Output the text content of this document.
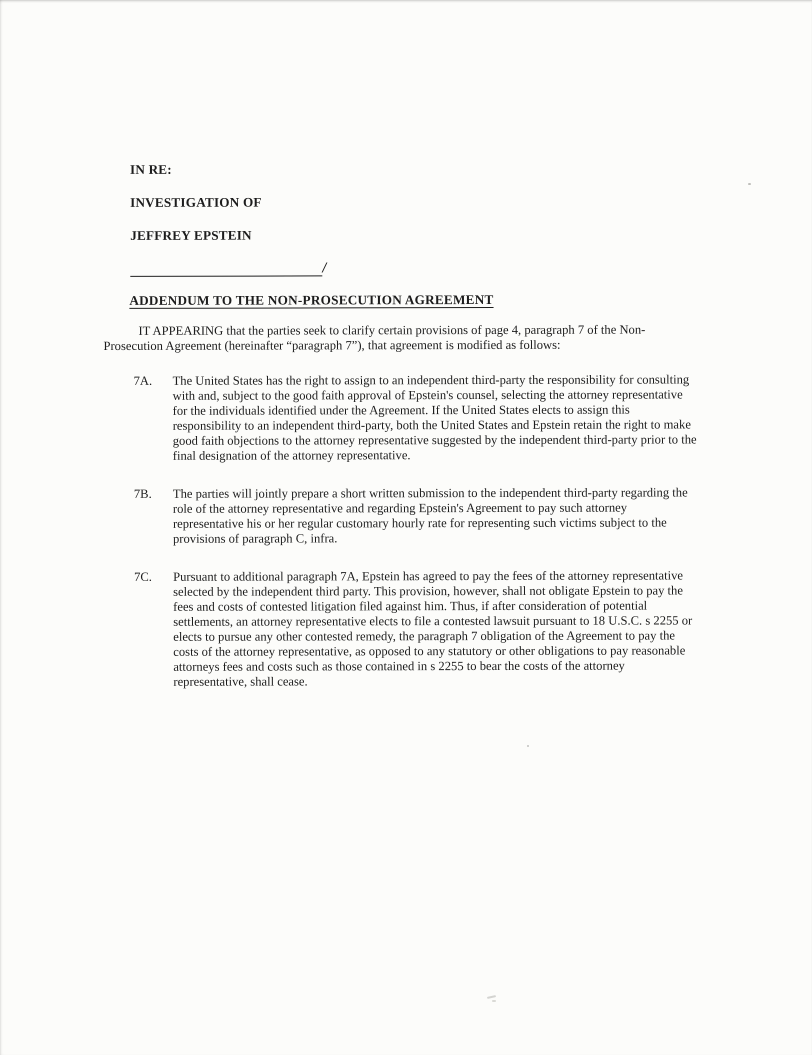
IN RE:
INVESTIGATION OF
JEFFREY EPSTEIN
/
ADDENDUM TO THE NON-PROSECUTION AGREEMENT

IT APPEARING that the parties seek to clarify certain provisions of page 4, paragraph 7 of the Non-Prosecution Agreement (hereinafter “paragraph 7”), that agreement is modified as follows:

7A.	The United States has the right to assign to an independent third-party the responsibility for consulting with and, subject to the good faith approval of Epstein's counsel, selecting the attorney representative for the individuals identified under the Agreement. If the United States elects to assign this responsibility to an independent third-party, both the United States and Epstein retain the right to make good faith objections to the attorney representative suggested by the independent third-party prior to the final designation of the attorney representative.
7B.	The parties will jointly prepare a short written submission to the independent third-party regarding the role of the attorney representative and regarding Epstein's Agreement to pay such attorney representative his or her regular customary hourly rate for representing such victims subject to the provisions of paragraph C, infra.
7C.	Pursuant to additional paragraph 7A, Epstein has agreed to pay the fees of the attorney representative selected by the independent third party. This provision, however, shall not obligate Epstein to pay the fees and costs of contested litigation filed against him. Thus, if after consideration of potential settlements, an attorney representative elects to file a contested lawsuit pursuant to 18 U.S.C. s 2255 or elects to pursue any other contested remedy, the paragraph 7 obligation of the Agreement to pay the costs of the attorney representative, as opposed to any statutory or other obligations to pay reasonable attorneys fees and costs such as those contained in s 2255 to bear the costs of the attorney representative, shall cease.
